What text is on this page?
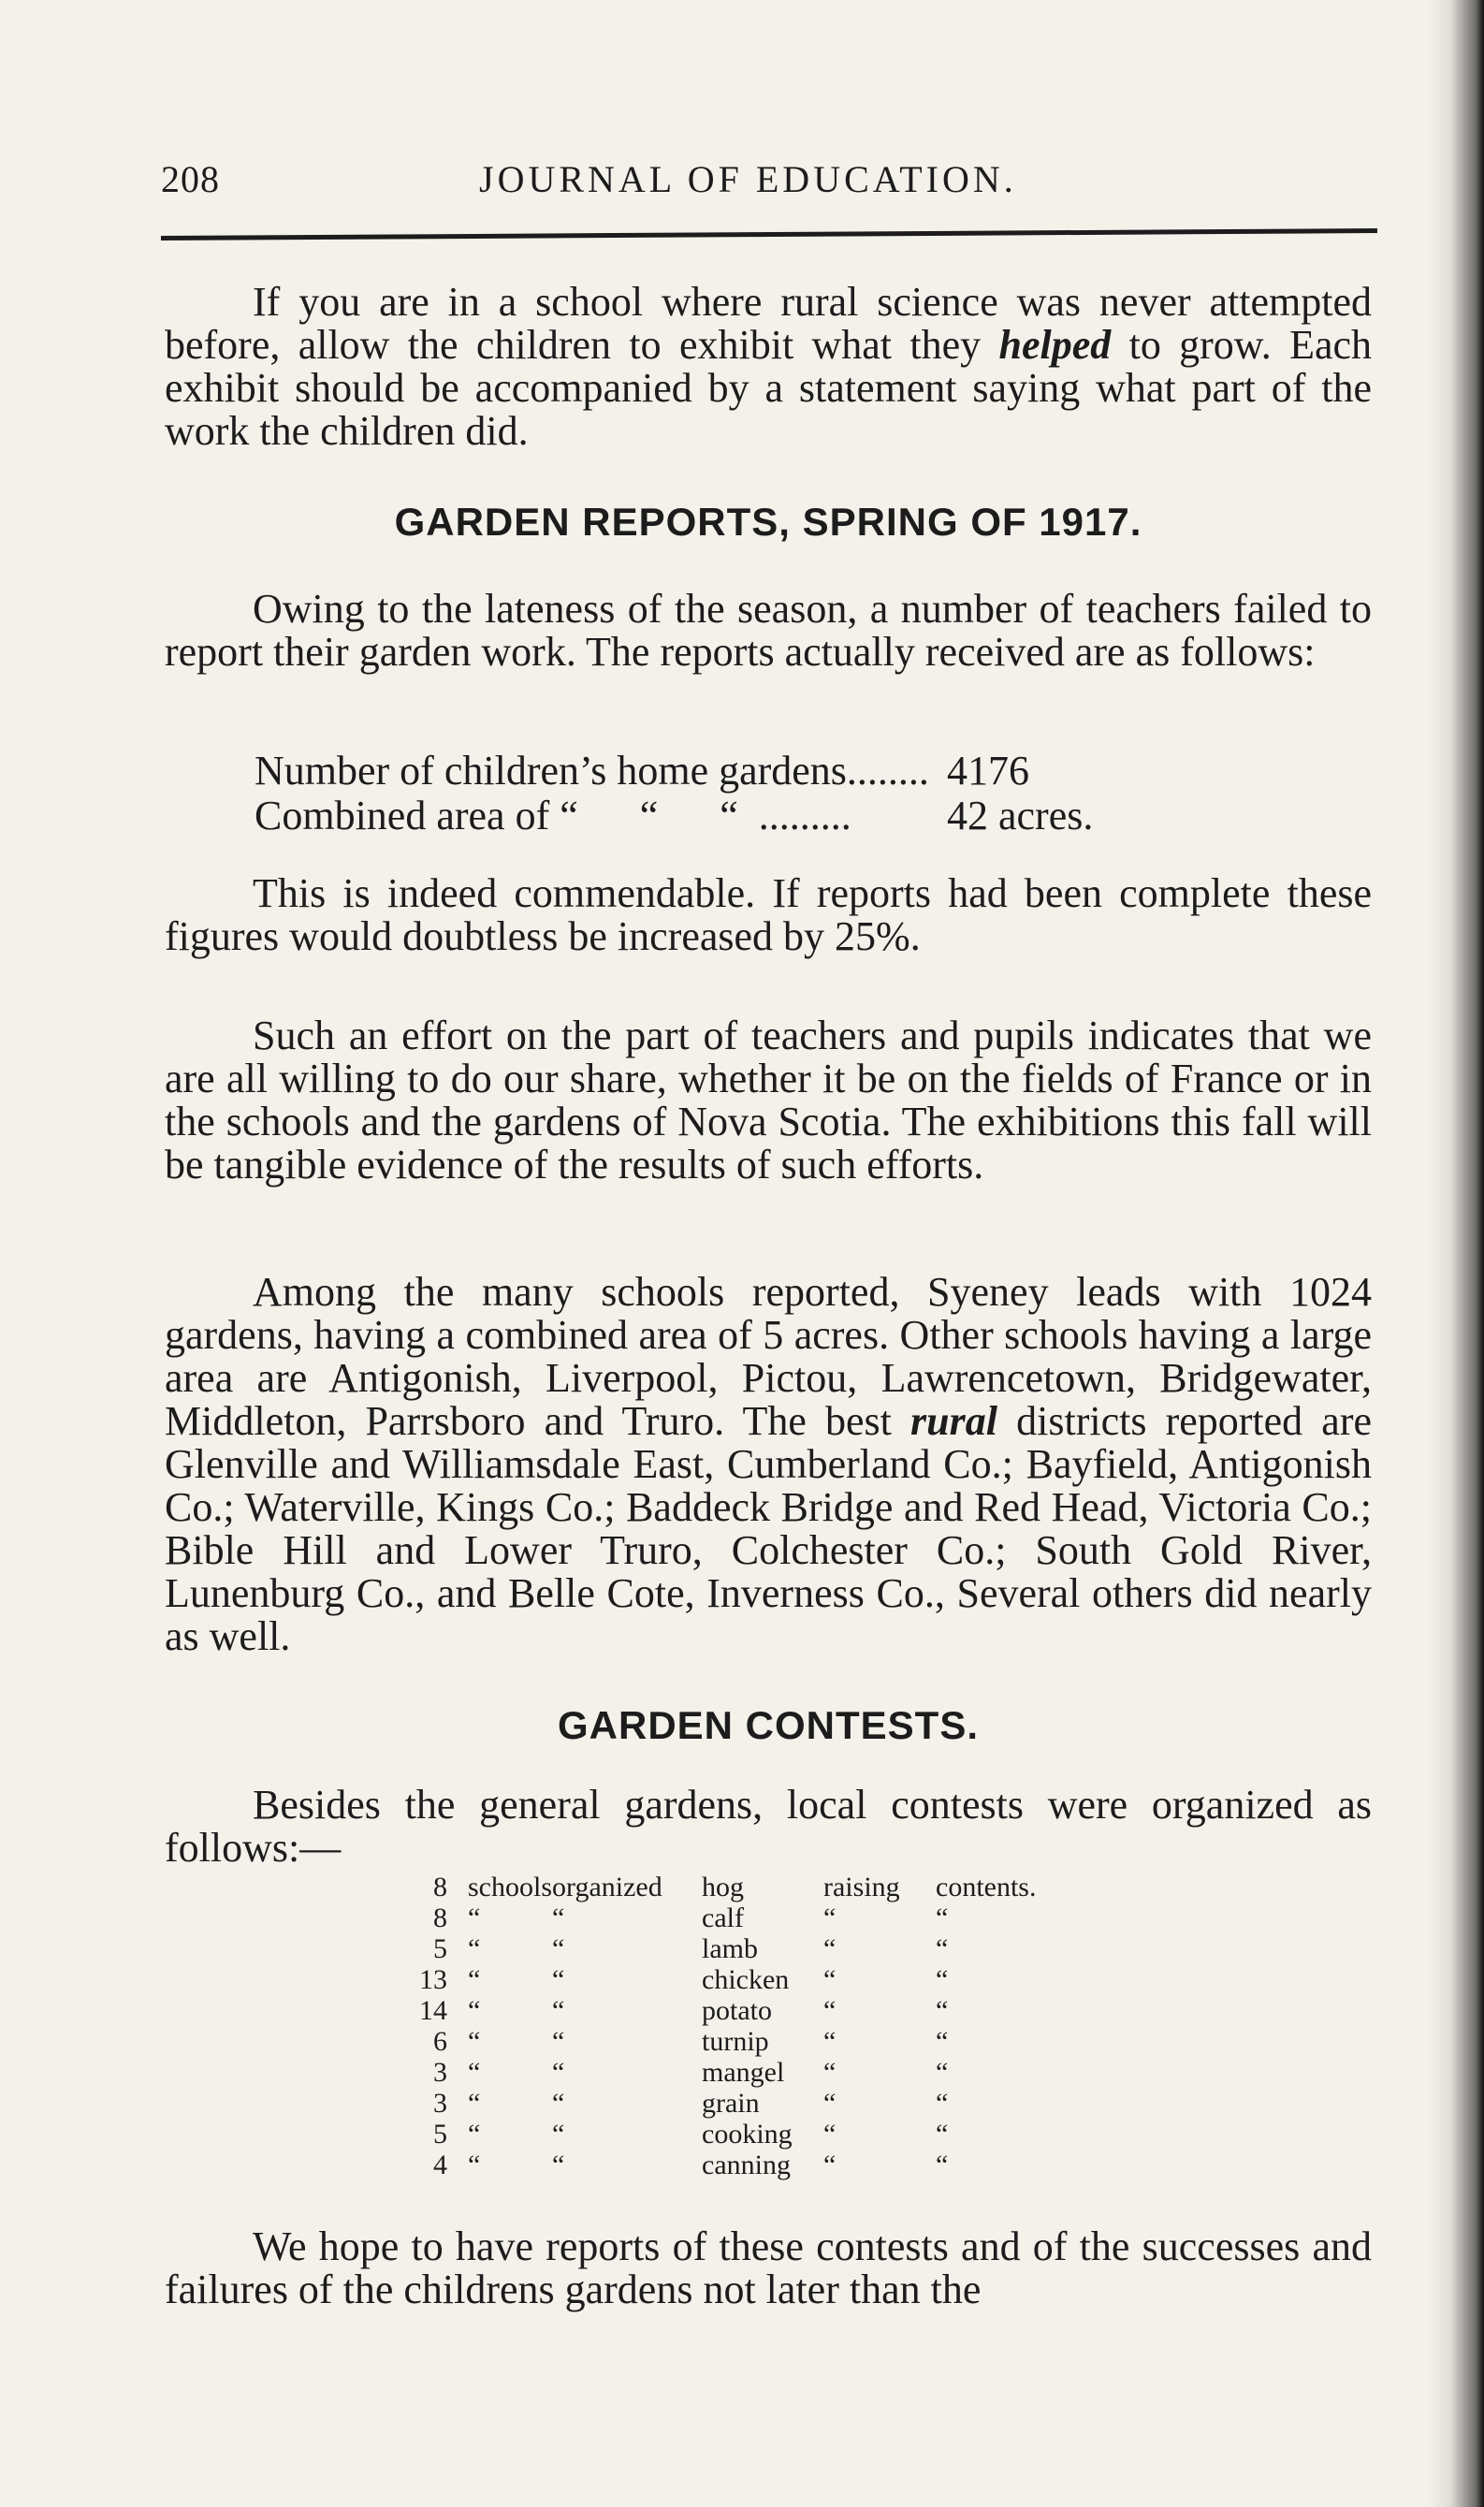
208	JOURNAL OF EDUCATION.

If you are in a school where rural science was never attempted before, allow the children to exhibit what they helped to grow. Each exhibit should be accompanied by a statement saying what part of the work the children did.

GARDEN REPORTS, SPRING OF 1917.

Owing to the lateness of the season, a number of teachers failed to report their garden work. The reports actually received are as follows:

Number of children’s home gardens........ 4176
Combined area of “      “      “  .........	42 acres.

This is indeed commendable. If reports had been complete these figures would doubtless be increased by 25%.

Such an effort on the part of teachers and pupils indicates that we are all willing to do our share, whether it be on the fields of France or in the schools and the gardens of Nova Scotia. The exhibitions this fall will be tangible evidence of the results of such efforts.

Among the many schools reported, Syeney leads with 1024 gardens, having a combined area of 5 acres. Other schools having a large area are Antigonish, Liverpool, Pictou, Lawrencetown, Bridgewater, Middleton, Parrsboro and Truro. The best rural districts reported are Glenville and Williamsdale East, Cumberland Co.; Bayfield, Antigonish Co.; Waterville, Kings Co.; Baddeck Bridge and Red Head, Victoria Co.; Bible Hill and Lower Truro, Colchester Co.; South Gold River, Lunenburg Co., and Belle Cote, Inverness Co., Several others did nearly as well.

GARDEN CONTESTS.

Besides the general gardens, local contests were organized as follows:—

8 schools organized	hog	raising	contents.
8 “	“	calf	“	“
5 “	“	lamb	“	“
13 “	“	chicken	“	“
14 “	“	potato	“	“
6 “	“	turnip	“	“
3 “	“	mangel	“	“
3 “	“	grain	“	“
5 “	“	cooking	“	“
4 “	“	canning	“	“

We hope to have reports of these contests and of the successes and failures of the childrens gardens not later than the
